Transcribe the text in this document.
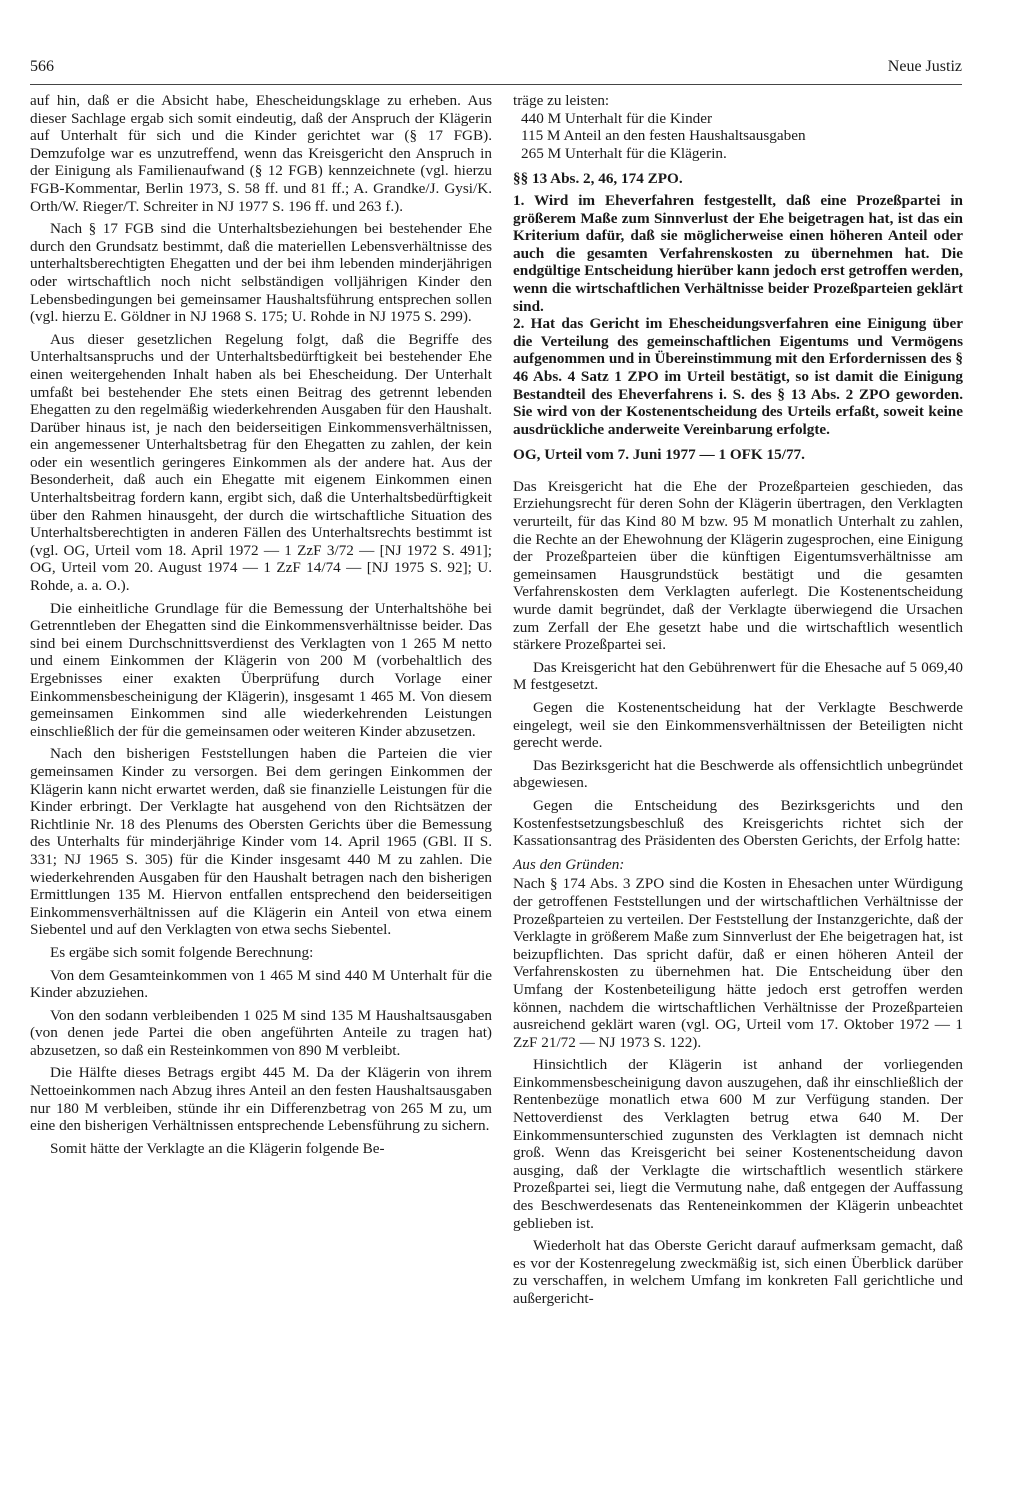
566	Neue Justiz

auf hin, daß er die Absicht habe, Ehescheidungsklage zu erheben. Aus dieser Sachlage ergab sich somit eindeutig, daß der Anspruch der Klägerin auf Unterhalt für sich und die Kinder gerichtet war (§ 17 FGB). Demzufolge war es unzutreffend, wenn das Kreisgericht den Anspruch in der Einigung als Familienaufwand (§ 12 FGB) kennzeichnete (vgl. hierzu FGB-Kommentar, Berlin 1973, S. 58 ff. und 81 ff.; A. Grandke/J. Gysi/K. Orth/W. Rieger/T. Schreiter in NJ 1977 S. 196 ff. und 263 f.).

Nach § 17 FGB sind die Unterhaltsbeziehungen bei bestehender Ehe durch den Grundsatz bestimmt, daß die materiellen Lebensverhältnisse des unterhaltsberechtigten Ehegatten und der bei ihm lebenden minderjährigen oder wirtschaftlich noch nicht selbständigen volljährigen Kinder den Lebensbedingungen bei gemeinsamer Haushaltsführung entsprechen sollen (vgl. hierzu E. Göldner in NJ 1968 S. 175; U. Rohde in NJ 1975 S. 299).

Aus dieser gesetzlichen Regelung folgt, daß die Begriffe des Unterhaltsanspruchs und der Unterhaltsbedürftigkeit bei bestehender Ehe einen weitergehenden Inhalt haben als bei Ehescheidung. Der Unterhalt umfaßt bei bestehender Ehe stets einen Beitrag des getrennt lebenden Ehegatten zu den regelmäßig wiederkehrenden Ausgaben für den Haushalt. Darüber hinaus ist, je nach den beiderseitigen Einkommensverhältnissen, ein angemessener Unterhaltsbetrag für den Ehegatten zu zahlen, der kein oder ein wesentlich geringeres Einkommen als der andere hat. Aus der Besonderheit, daß auch ein Ehegatte mit eigenem Einkommen einen Unterhaltsbeitrag fordern kann, ergibt sich, daß die Unterhaltsbedürftigkeit über den Rahmen hinausgeht, der durch die wirtschaftliche Situation des Unterhaltsberechtigten in anderen Fällen des Unterhaltsrechts bestimmt ist (vgl. OG, Urteil vom 18. April 1972 — 1 ZzF 3/72 — [NJ 1972 S. 491]; OG, Urteil vom 20. August 1974 — 1 ZzF 14/74 — [NJ 1975 S. 92]; U. Rohde, a. a. O.).

Die einheitliche Grundlage für die Bemessung der Unterhaltshöhe bei Getrenntleben der Ehegatten sind die Einkommensverhältnisse beider. Das sind bei einem Durchschnittsverdienst des Verklagten von 1 265 M netto und einem Einkommen der Klägerin von 200 M (vorbehaltlich des Ergebnisses einer exakten Überprüfung durch Vorlage einer Einkommensbescheinigung der Klägerin), insgesamt 1 465 M. Von diesem gemeinsamen Einkommen sind alle wiederkehrenden Leistungen einschließlich der für die gemeinsamen oder weiteren Kinder abzusetzen.

Nach den bisherigen Feststellungen haben die Parteien die vier gemeinsamen Kinder zu versorgen. Bei dem geringen Einkommen der Klägerin kann nicht erwartet werden, daß sie finanzielle Leistungen für die Kinder erbringt. Der Verklagte hat ausgehend von den Richtsätzen der Richtlinie Nr. 18 des Plenums des Obersten Gerichts über die Bemessung des Unterhalts für minderjährige Kinder vom 14. April 1965 (GBl. II S. 331; NJ 1965 S. 305) für die Kinder insgesamt 440 M zu zahlen. Die wiederkehrenden Ausgaben für den Haushalt betragen nach den bisherigen Ermittlungen 135 M. Hiervon entfallen entsprechend den beiderseitigen Einkommensverhältnissen auf die Klägerin ein Anteil von etwa einem Siebentel und auf den Verklagten von etwa sechs Siebentel.

Es ergäbe sich somit folgende Berechnung:

Von dem Gesamteinkommen von 1 465 M sind 440 M Unterhalt für die Kinder abzuziehen.

Von den sodann verbleibenden 1 025 M sind 135 M Haushaltsausgaben (von denen jede Partei die oben angeführten Anteile zu tragen hat) abzusetzen, so daß ein Resteinkommen von 890 M verbleibt.

Die Hälfte dieses Betrags ergibt 445 M. Da der Klägerin von ihrem Nettoeinkommen nach Abzug ihres Anteil an den festen Haushaltsausgaben nur 180 M verbleiben, stünde ihr ein Differenzbetrag von 265 M zu, um eine den bisherigen Verhältnissen entsprechende Lebensführung zu sichern.

Somit hätte der Verklagte an die Klägerin folgende Be-

träge zu leisten:

440 M Unterhalt für die Kinder
115 M Anteil an den festen Haushaltsausgaben
265 M Unterhalt für die Klägerin.

§§ 13 Abs. 2, 46, 174 ZPO.

1. Wird im Eheverfahren festgestellt, daß eine Prozeßpartei in größerem Maße zum Sinnverlust der Ehe beigetragen hat, ist das ein Kriterium dafür, daß sie möglicherweise einen höheren Anteil oder auch die gesamten Verfahrenskosten zu übernehmen hat. Die endgültige Entscheidung hierüber kann jedoch erst getroffen werden, wenn die wirtschaftlichen Verhältnisse beider Prozeßparteien geklärt sind.

2. Hat das Gericht im Ehescheidungsverfahren eine Einigung über die Verteilung des gemeinschaftlichen Eigentums und Vermögens aufgenommen und in Übereinstimmung mit den Erfordernissen des § 46 Abs. 4 Satz 1 ZPO im Urteil bestätigt, so ist damit die Einigung Bestandteil des Eheverfahrens i. S. des § 13 Abs. 2 ZPO geworden. Sie wird von der Kostenentscheidung des Urteils erfaßt, soweit keine ausdrückliche anderweite Vereinbarung erfolgte.

OG, Urteil vom 7. Juni 1977 — 1 OFK 15/77.

Das Kreisgericht hat die Ehe der Prozeßparteien geschieden, das Erziehungsrecht für deren Sohn der Klägerin übertragen, den Verklagten verurteilt, für das Kind 80 M bzw. 95 M monatlich Unterhalt zu zahlen, die Rechte an der Ehewohnung der Klägerin zugesprochen, eine Einigung der Prozeßparteien über die künftigen Eigentumsverhältnisse am gemeinsamen Hausgrundstück bestätigt und die gesamten Verfahrenskosten dem Verklagten auferlegt. Die Kostenentscheidung wurde damit begründet, daß der Verklagte überwiegend die Ursachen zum Zerfall der Ehe gesetzt habe und die wirtschaftlich wesentlich stärkere Prozeßpartei sei.

Das Kreisgericht hat den Gebührenwert für die Ehesache auf 5 069,40 M festgesetzt.

Gegen die Kostenentscheidung hat der Verklagte Beschwerde eingelegt, weil sie den Einkommensverhältnissen der Beteiligten nicht gerecht werde.

Das Bezirksgericht hat die Beschwerde als offensichtlich unbegründet abgewiesen.

Gegen die Entscheidung des Bezirksgerichts und den Kostenfestsetzungsbeschluß des Kreisgerichts richtet sich der Kassationsantrag des Präsidenten des Obersten Gerichts, der Erfolg hatte:

Aus den Gründen:

Nach § 174 Abs. 3 ZPO sind die Kosten in Ehesachen unter Würdigung der getroffenen Feststellungen und der wirtschaftlichen Verhältnisse der Prozeßparteien zu verteilen. Der Feststellung der Instanzgerichte, daß der Verklagte in größerem Maße zum Sinnverlust der Ehe beigetragen hat, ist beizupflichten. Das spricht dafür, daß er einen höheren Anteil der Verfahrenskosten zu übernehmen hat. Die Entscheidung über den Umfang der Kostenbeteiligung hätte jedoch erst getroffen werden können, nachdem die wirtschaftlichen Verhältnisse der Prozeßparteien ausreichend geklärt waren (vgl. OG, Urteil vom 17. Oktober 1972 — 1 ZzF 21/72 — NJ 1973 S. 122).

Hinsichtlich der Klägerin ist anhand der vorliegenden Einkommensbescheinigung davon auszugehen, daß ihr einschließlich der Rentenbezüge monatlich etwa 600 M zur Verfügung standen. Der Nettoverdienst des Verklagten betrug etwa 640 M. Der Einkommensunterschied zugunsten des Verklagten ist demnach nicht groß. Wenn das Kreisgericht bei seiner Kostenentscheidung davon ausging, daß der Verklagte die wirtschaftlich wesentlich stärkere Prozeßpartei sei, liegt die Vermutung nahe, daß entgegen der Auffassung des Beschwerdesenats das Renteneinkommen der Klägerin unbeachtet geblieben ist.

Wiederholt hat das Oberste Gericht darauf aufmerksam gemacht, daß es vor der Kostenregelung zweckmäßig ist, sich einen Überblick darüber zu verschaffen, in welchem Umfang im konkreten Fall gerichtliche und außergericht-
